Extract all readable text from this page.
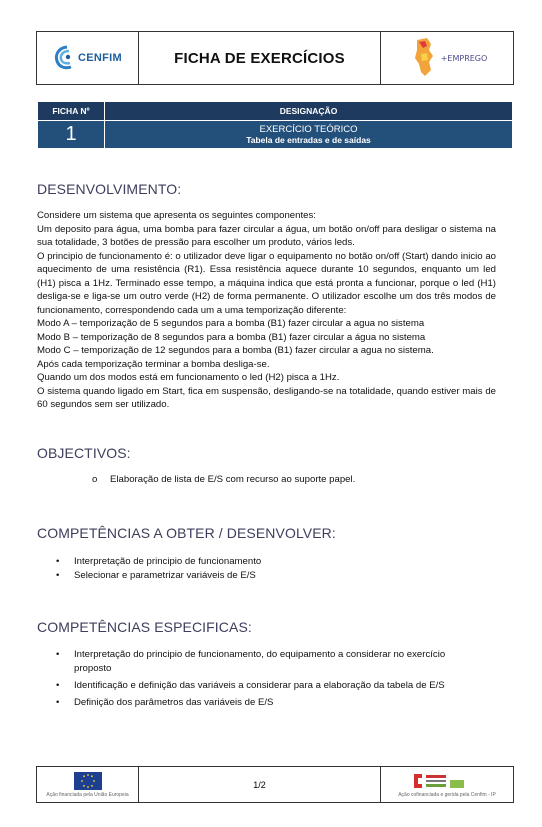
CENFIM	FICHA DE EXERCÍCIOS	+EMPREGO
FICHA Nº	DESIGNAÇÃO
1	EXERCÍCIO TEÓRICO
Tabela de entradas e de saídas
DESENVOLVIMENTO:

Considere um sistema que apresenta os seguintes componentes:

Um deposito para água, uma bomba para fazer circular a água, um botão on/off para desligar o sistema na sua totalidade, 3 botões de pressão para escolher um produto, vários leds.

O principio de funcionamento é: o utilizador deve ligar o equipamento no botão on/off (Start) dando inicio ao aquecimento de uma resistência (R1). Essa resistência aquece durante 10 segundos, enquanto um led (H1) pisca a 1Hz. Terminado esse tempo, a máquina indica que está pronta a funcionar, porque o led (H1) desliga-se e liga-se um outro verde (H2) de forma permanente. O utilizador escolhe um dos três modos de funcionamento, correspondendo cada um a uma temporização diferente:

Modo A – temporização de 5 segundos para a bomba (B1) fazer circular a agua no sistema

Modo B – temporização de 8 segundos para a bomba (B1) fazer circular a água no sistema

Modo C – temporização de 12 segundos para a bomba (B1) fazer circular a agua no sistema.

Após cada temporização terminar a bomba desliga-se.

Quando um dos modos está em funcionamento o led (H2) pisca a 1Hz.

O sistema quando ligado em Start, fica em suspensão, desligando-se na totalidade, quando estiver mais de 60 segundos sem ser utilizado.

OBJECTIVOS:
o Elaboração de lista de E/S com recurso ao suporte papel.
COMPETÊNCIAS A OBTER / DESENVOLVER:
• Interpretação de principio de funcionamento
• Selecionar e parametrizar variáveis de E/S
COMPETÊNCIAS ESPECIFICAS:
• Interpretação do principio de funcionamento, do equipamento a considerar no exercício proposto
• Identificação e definição das variáveis a considerar para a elaboração da tabela de E/S
• Definição dos parâmetros das variáveis de E/S
Ação financiada pela União Europeia
1/2
Ação cofinanciada e gerida pela Cenfim - IP
